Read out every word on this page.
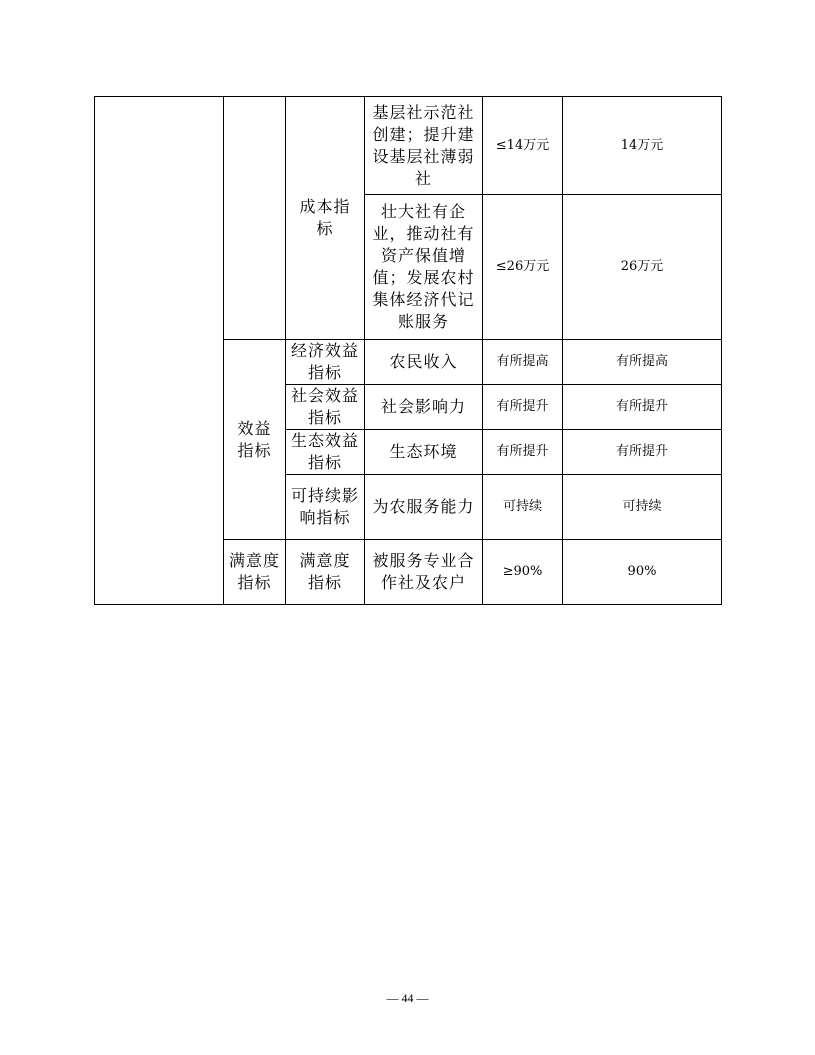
		成本指标	基层社示范社创建；提升建设基层社薄弱社	≤14万元	14万元

			壮大社有企业，推动社有资产保值增值；发展农村集体经济代记账服务	≤26万元	26万元

	效益指标	经济效益指标	农民收入	有所提高	有所提高

		社会效益指标	社会影响力	有所提升	有所提升

		生态效益指标	生态环境	有所提升	有所提升

		可持续影响指标	为农服务能力	可持续	可持续

	满意度指标	满意度指标	被服务专业合作社及农户	≥90%	90%
— 44 —
